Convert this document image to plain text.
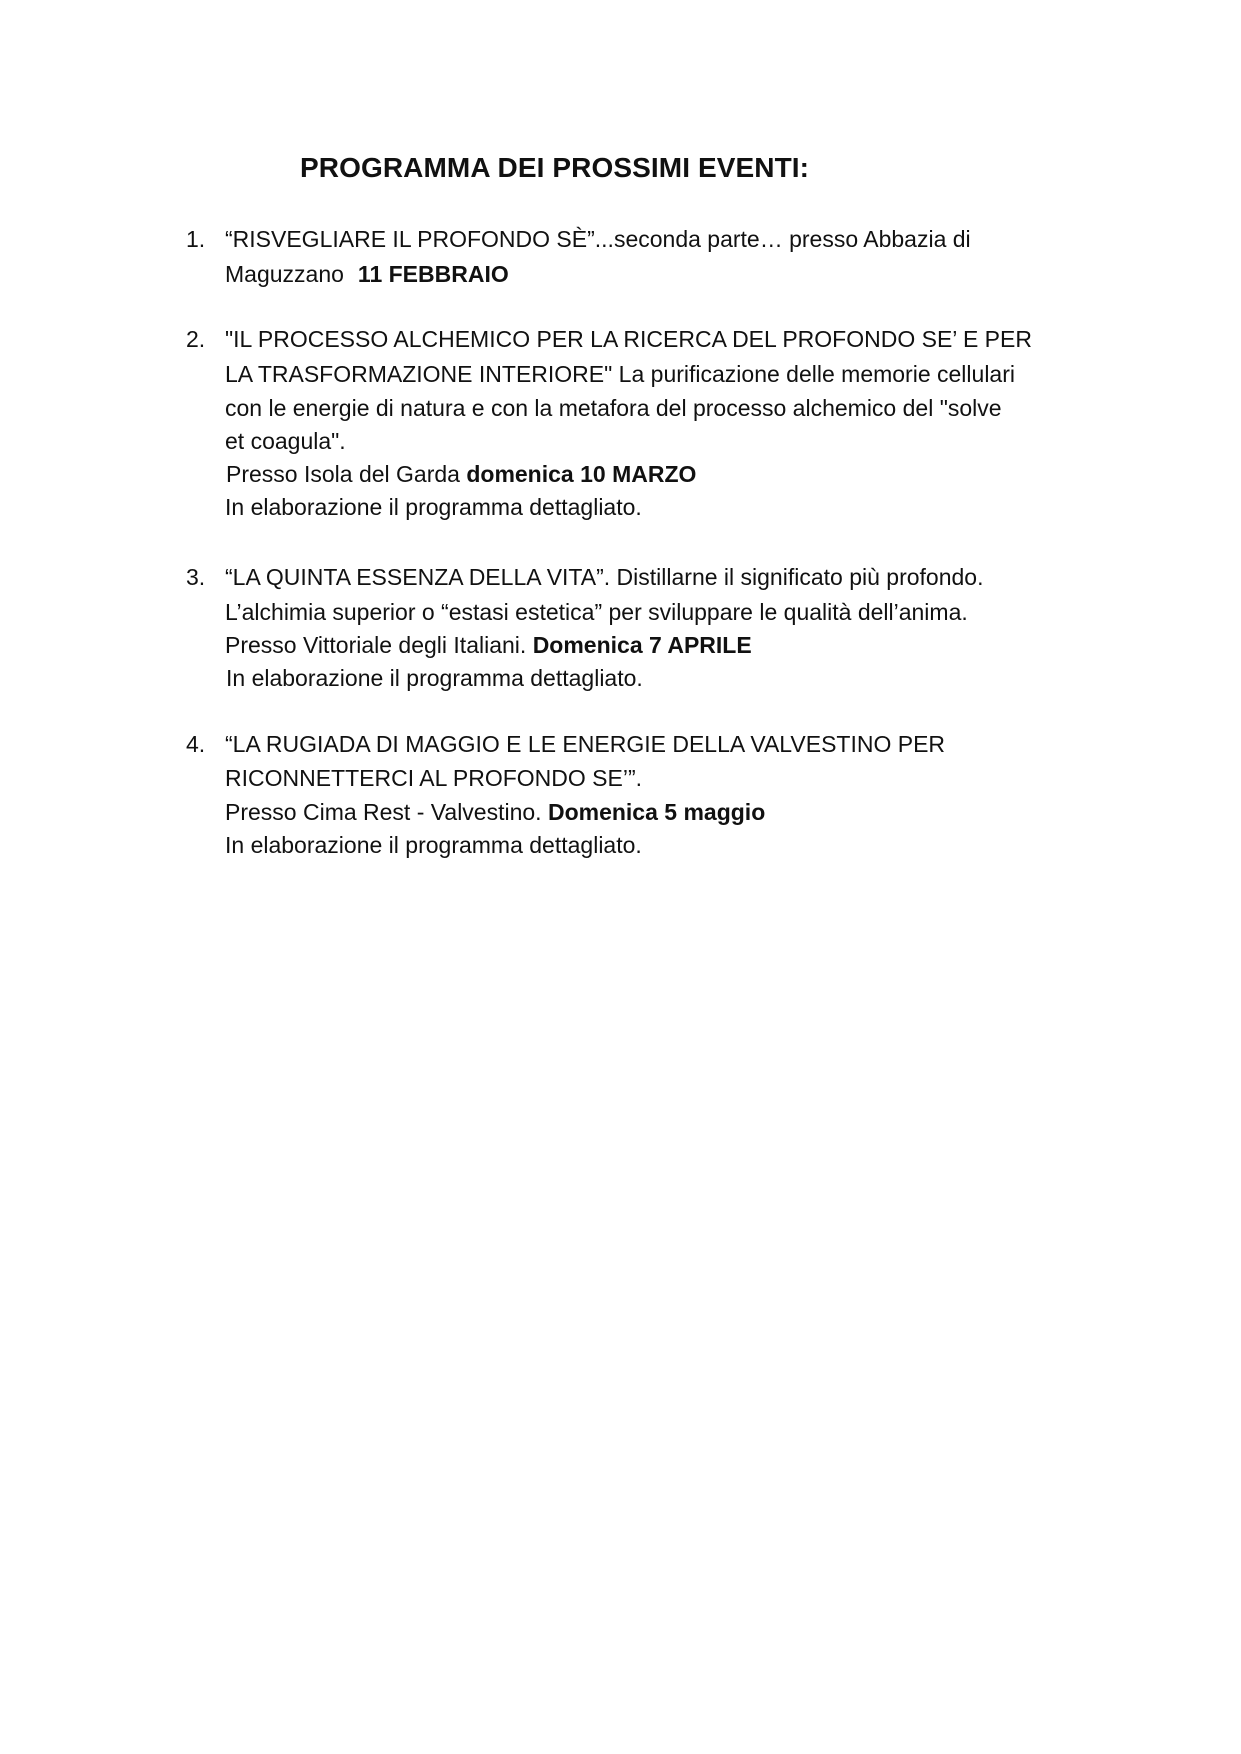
PROGRAMMA DEI PROSSIMI EVENTI:
1. “RISVEGLIARE IL PROFONDO SÈ”...seconda parte… presso Abbazia di
Maguzzano 11 FEBBRAIO
2. "IL PROCESSO ALCHEMICO PER LA RICERCA DEL PROFONDO SE’ E PER
LA TRASFORMAZIONE INTERIORE" La purificazione delle memorie cellulari
con le energie di natura e con la metafora del processo alchemico del "solve
et coagula".
Presso Isola del Garda domenica 10 MARZO
In elaborazione il programma dettagliato.
3. “LA QUINTA ESSENZA DELLA VITA”. Distillarne il significato più profondo.
L’alchimia superior o “estasi estetica” per sviluppare le qualità dell’anima.
Presso Vittoriale degli Italiani. Domenica 7 APRILE
In elaborazione il programma dettagliato.
4. “LA RUGIADA DI MAGGIO E LE ENERGIE DELLA VALVESTINO PER
RICONNETTERCI AL PROFONDO SE’”.
Presso Cima Rest - Valvestino. Domenica 5 maggio
In elaborazione il programma dettagliato.
